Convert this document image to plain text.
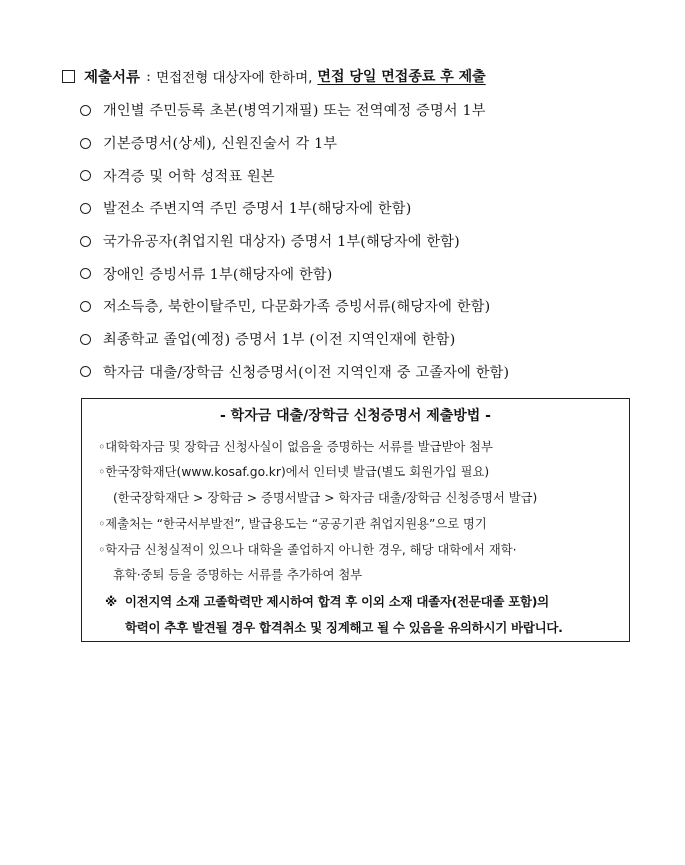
제출서류 : 면접전형 대상자에 한하며, 면접 당일 면접종료 후 제출
개인별 주민등록 초본(병역기재필) 또는 전역예정 증명서 1부
기본증명서(상세), 신원진술서 각 1부
자격증 및 어학 성적표 원본
발전소 주변지역 주민 증명서 1부(해당자에 한함)
국가유공자(취업지원 대상자) 증명서 1부(해당자에 한함)
장애인 증빙서류 1부(해당자에 한함)
저소득층, 북한이탈주민, 다문화가족 증빙서류(해당자에 한함)
최종학교 졸업(예정) 증명서 1부 (이전 지역인재에 한함)
학자금 대출/장학금 신청증명서(이전 지역인재 중 고졸자에 한함)
- 학자금 대출/장학금 신청증명서 제출방법 -
◦대학학자금 및 장학금 신청사실이 없음을 증명하는 서류를 발급받아 첨부
◦한국장학재단(www.kosaf.go.kr)에서 인터넷 발급(별도 회원가입 필요)
(한국장학재단 > 장학금 > 증명서발급 > 학자금 대출/장학금 신청증명서 발급)
◦제출처는 “한국서부발전”, 발급용도는 “공공기관 취업지원용”으로 명기
◦학자금 신청실적이 있으나 대학을 졸업하지 아니한 경우, 해당 대학에서 재학·
휴학·중퇴 등을 증명하는 서류를 추가하여 첨부
※ 이전지역 소재 고졸학력만 제시하여 합격 후 이외 소재 대졸자(전문대졸 포함)의
학력이 추후 발견될 경우 합격취소 및 징계해고 될 수 있음을 유의하시기 바랍니다.
